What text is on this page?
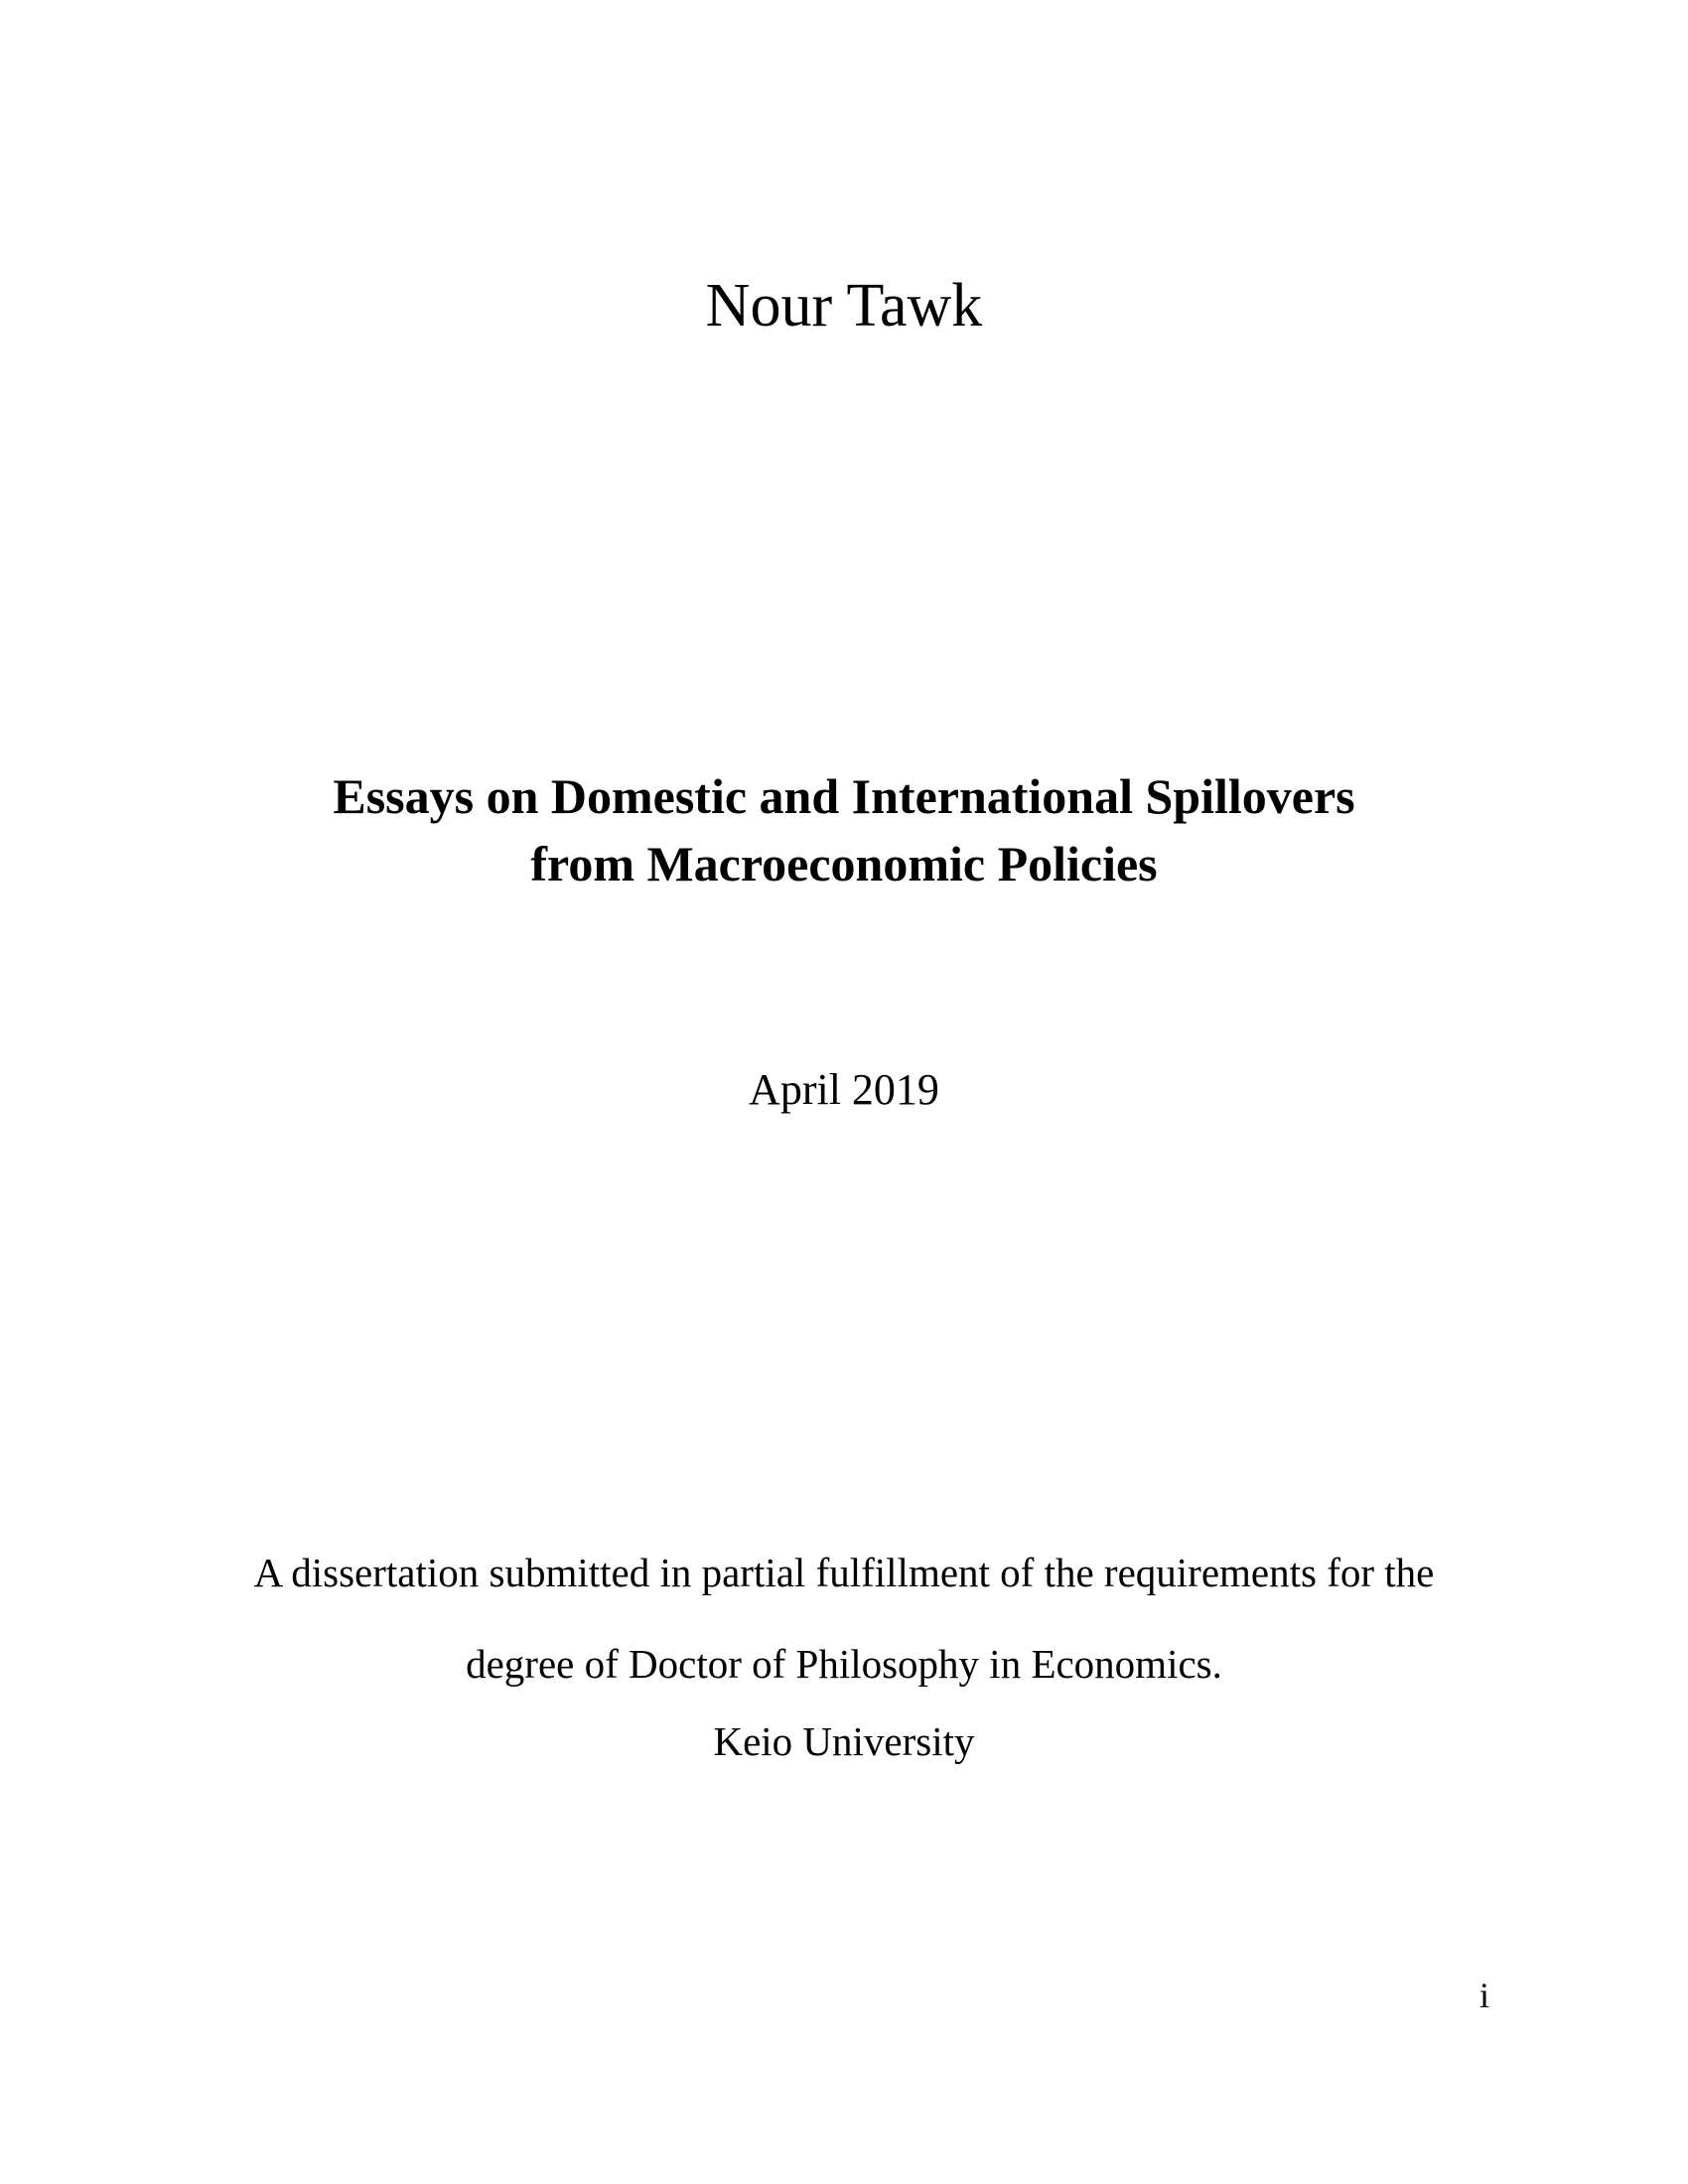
Nour Tawk
Essays on Domestic and International Spillovers
from Macroeconomic Policies
April 2019
A dissertation submitted in partial fulfillment of the requirements for the
degree of Doctor of Philosophy in Economics.
Keio University
i
